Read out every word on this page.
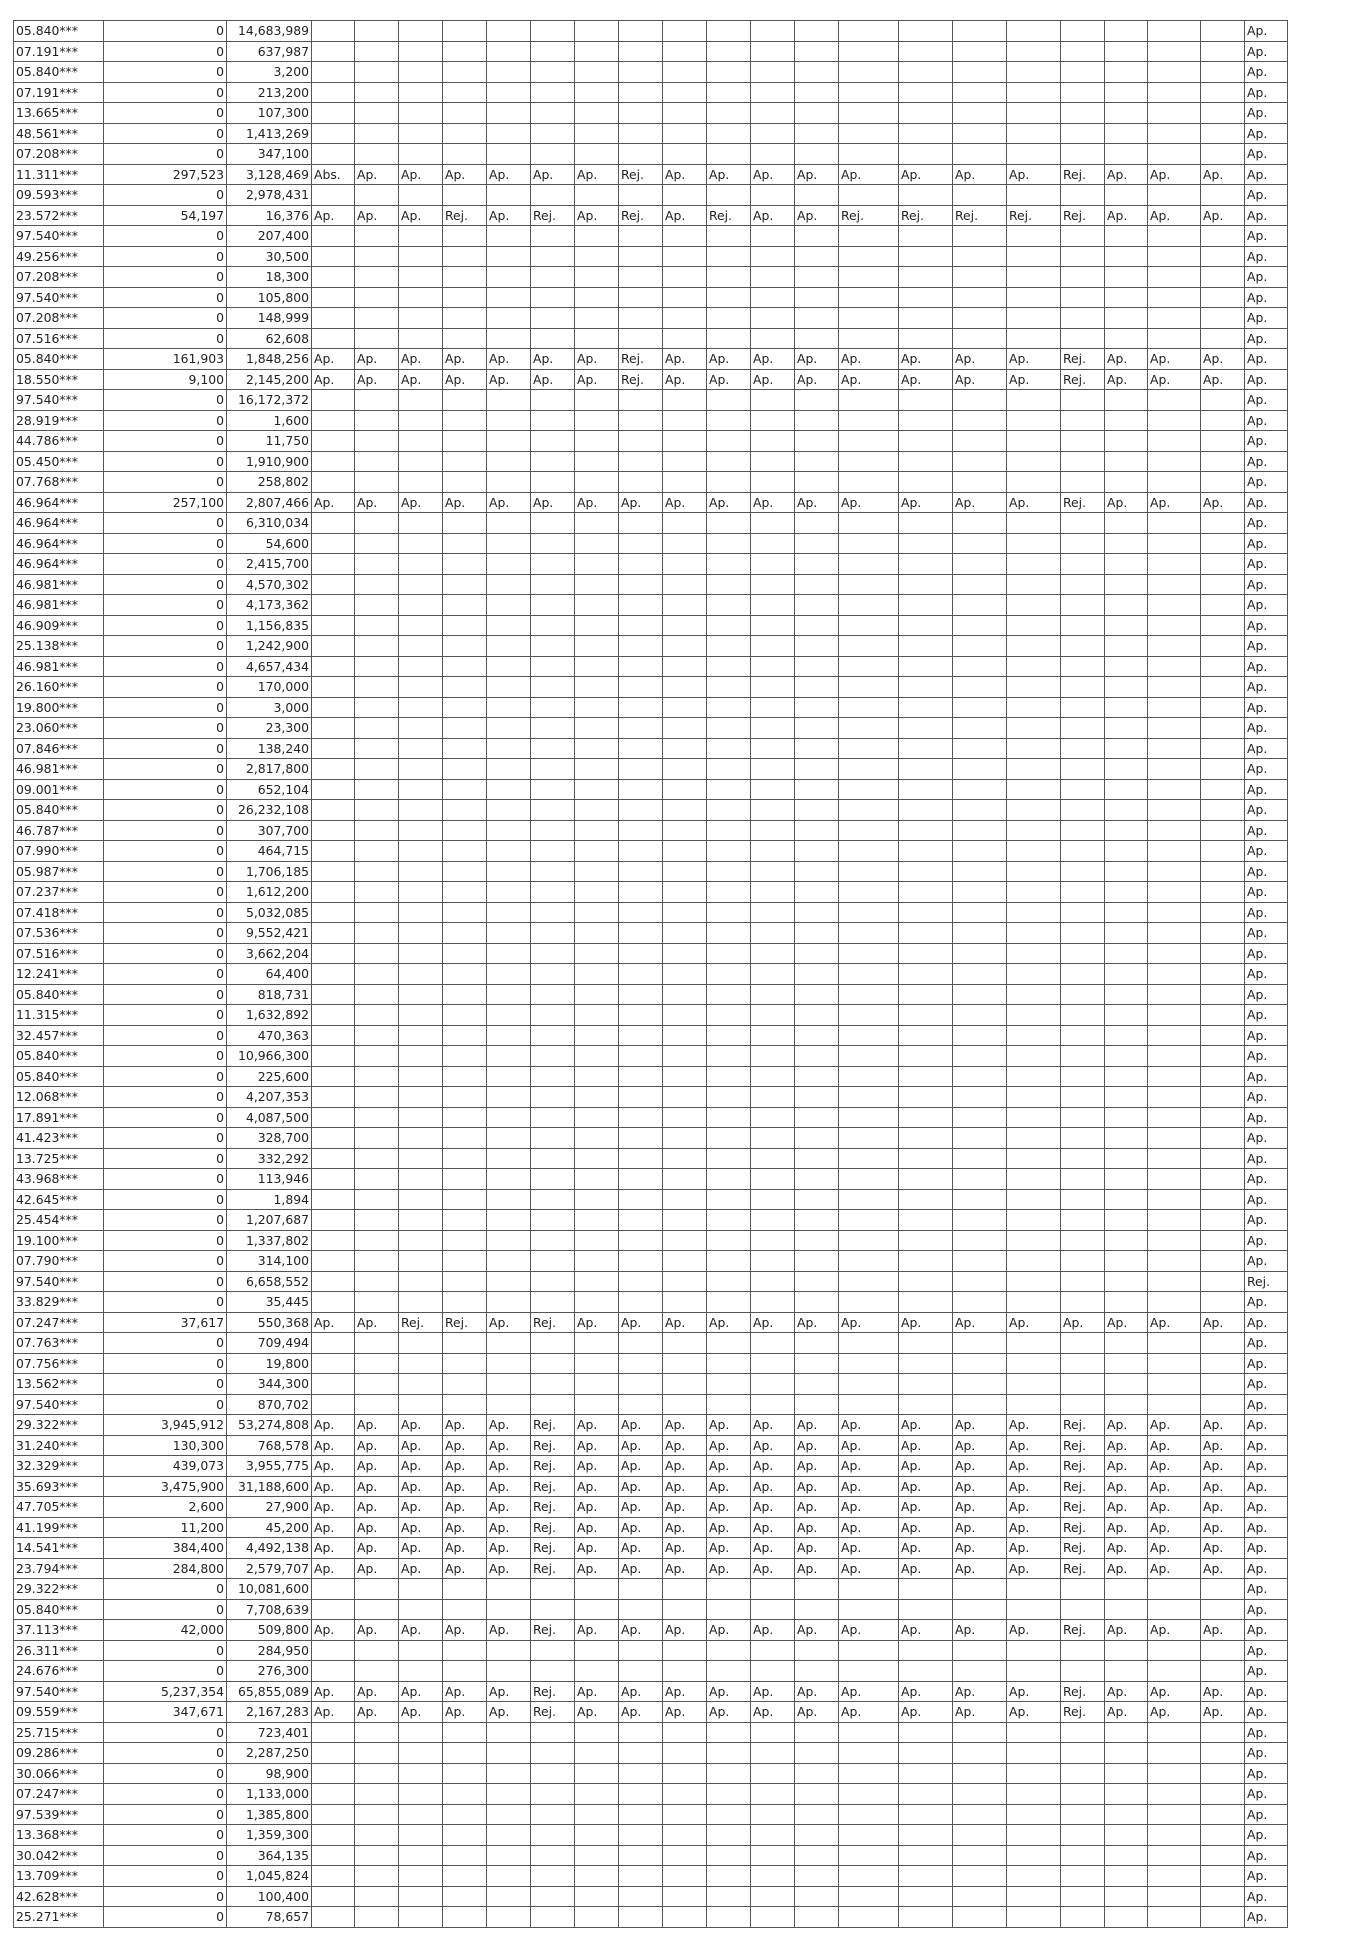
05.840***	0	14,683,989																					Ap.
07.191***	0	637,987																					Ap.
05.840***	0	3,200																					Ap.
07.191***	0	213,200																					Ap.
13.665***	0	107,300																					Ap.
48.561***	0	1,413,269																					Ap.
07.208***	0	347,100																					Ap.
11.311***	297,523	3,128,469	Abs.	Ap.	Ap.	Ap.	Ap.	Ap.	Ap.	Rej.	Ap.	Ap.	Ap.	Ap.	Ap.	Ap.	Ap.	Ap.	Rej.	Ap.	Ap.	Ap.	Ap.
09.593***	0	2,978,431																					Ap.
23.572***	54,197	16,376	Ap.	Ap.	Ap.	Rej.	Ap.	Rej.	Ap.	Rej.	Ap.	Rej.	Ap.	Ap.	Rej.	Rej.	Rej.	Rej.	Rej.	Ap.	Ap.	Ap.	Ap.
97.540***	0	207,400																					Ap.
49.256***	0	30,500																					Ap.
07.208***	0	18,300																					Ap.
97.540***	0	105,800																					Ap.
07.208***	0	148,999																					Ap.
07.516***	0	62,608																					Ap.
05.840***	161,903	1,848,256	Ap.	Ap.	Ap.	Ap.	Ap.	Ap.	Ap.	Rej.	Ap.	Ap.	Ap.	Ap.	Ap.	Ap.	Ap.	Ap.	Rej.	Ap.	Ap.	Ap.	Ap.
18.550***	9,100	2,145,200	Ap.	Ap.	Ap.	Ap.	Ap.	Ap.	Ap.	Rej.	Ap.	Ap.	Ap.	Ap.	Ap.	Ap.	Ap.	Ap.	Rej.	Ap.	Ap.	Ap.	Ap.
97.540***	0	16,172,372																					Ap.
28.919***	0	1,600																					Ap.
44.786***	0	11,750																					Ap.
05.450***	0	1,910,900																					Ap.
07.768***	0	258,802																					Ap.
46.964***	257,100	2,807,466	Ap.	Ap.	Ap.	Ap.	Ap.	Ap.	Ap.	Ap.	Ap.	Ap.	Ap.	Ap.	Ap.	Ap.	Ap.	Ap.	Rej.	Ap.	Ap.	Ap.	Ap.
46.964***	0	6,310,034																					Ap.
46.964***	0	54,600																					Ap.
46.964***	0	2,415,700																					Ap.
46.981***	0	4,570,302																					Ap.
46.981***	0	4,173,362																					Ap.
46.909***	0	1,156,835																					Ap.
25.138***	0	1,242,900																					Ap.
46.981***	0	4,657,434																					Ap.
26.160***	0	170,000																					Ap.
19.800***	0	3,000																					Ap.
23.060***	0	23,300																					Ap.
07.846***	0	138,240																					Ap.
46.981***	0	2,817,800																					Ap.
09.001***	0	652,104																					Ap.
05.840***	0	26,232,108																					Ap.
46.787***	0	307,700																					Ap.
07.990***	0	464,715																					Ap.
05.987***	0	1,706,185																					Ap.
07.237***	0	1,612,200																					Ap.
07.418***	0	5,032,085																					Ap.
07.536***	0	9,552,421																					Ap.
07.516***	0	3,662,204																					Ap.
12.241***	0	64,400																					Ap.
05.840***	0	818,731																					Ap.
11.315***	0	1,632,892																					Ap.
32.457***	0	470,363																					Ap.
05.840***	0	10,966,300																					Ap.
05.840***	0	225,600																					Ap.
12.068***	0	4,207,353																					Ap.
17.891***	0	4,087,500																					Ap.
41.423***	0	328,700																					Ap.
13.725***	0	332,292																					Ap.
43.968***	0	113,946																					Ap.
42.645***	0	1,894																					Ap.
25.454***	0	1,207,687																					Ap.
19.100***	0	1,337,802																					Ap.
07.790***	0	314,100																					Ap.
97.540***	0	6,658,552																					Rej.
33.829***	0	35,445																					Ap.
07.247***	37,617	550,368	Ap.	Ap.	Rej.	Rej.	Ap.	Rej.	Ap.	Ap.	Ap.	Ap.	Ap.	Ap.	Ap.	Ap.	Ap.	Ap.	Ap.	Ap.	Ap.	Ap.	Ap.
07.763***	0	709,494																					Ap.
07.756***	0	19,800																					Ap.
13.562***	0	344,300																					Ap.
97.540***	0	870,702																					Ap.
29.322***	3,945,912	53,274,808	Ap.	Ap.	Ap.	Ap.	Ap.	Rej.	Ap.	Ap.	Ap.	Ap.	Ap.	Ap.	Ap.	Ap.	Ap.	Ap.	Rej.	Ap.	Ap.	Ap.	Ap.
31.240***	130,300	768,578	Ap.	Ap.	Ap.	Ap.	Ap.	Rej.	Ap.	Ap.	Ap.	Ap.	Ap.	Ap.	Ap.	Ap.	Ap.	Ap.	Rej.	Ap.	Ap.	Ap.	Ap.
32.329***	439,073	3,955,775	Ap.	Ap.	Ap.	Ap.	Ap.	Rej.	Ap.	Ap.	Ap.	Ap.	Ap.	Ap.	Ap.	Ap.	Ap.	Ap.	Rej.	Ap.	Ap.	Ap.	Ap.
35.693***	3,475,900	31,188,600	Ap.	Ap.	Ap.	Ap.	Ap.	Rej.	Ap.	Ap.	Ap.	Ap.	Ap.	Ap.	Ap.	Ap.	Ap.	Ap.	Rej.	Ap.	Ap.	Ap.	Ap.
47.705***	2,600	27,900	Ap.	Ap.	Ap.	Ap.	Ap.	Rej.	Ap.	Ap.	Ap.	Ap.	Ap.	Ap.	Ap.	Ap.	Ap.	Ap.	Rej.	Ap.	Ap.	Ap.	Ap.
41.199***	11,200	45,200	Ap.	Ap.	Ap.	Ap.	Ap.	Rej.	Ap.	Ap.	Ap.	Ap.	Ap.	Ap.	Ap.	Ap.	Ap.	Ap.	Rej.	Ap.	Ap.	Ap.	Ap.
14.541***	384,400	4,492,138	Ap.	Ap.	Ap.	Ap.	Ap.	Rej.	Ap.	Ap.	Ap.	Ap.	Ap.	Ap.	Ap.	Ap.	Ap.	Ap.	Rej.	Ap.	Ap.	Ap.	Ap.
23.794***	284,800	2,579,707	Ap.	Ap.	Ap.	Ap.	Ap.	Rej.	Ap.	Ap.	Ap.	Ap.	Ap.	Ap.	Ap.	Ap.	Ap.	Ap.	Rej.	Ap.	Ap.	Ap.	Ap.
29.322***	0	10,081,600																					Ap.
05.840***	0	7,708,639																					Ap.
37.113***	42,000	509,800	Ap.	Ap.	Ap.	Ap.	Ap.	Rej.	Ap.	Ap.	Ap.	Ap.	Ap.	Ap.	Ap.	Ap.	Ap.	Ap.	Rej.	Ap.	Ap.	Ap.	Ap.
26.311***	0	284,950																					Ap.
24.676***	0	276,300																					Ap.
97.540***	5,237,354	65,855,089	Ap.	Ap.	Ap.	Ap.	Ap.	Rej.	Ap.	Ap.	Ap.	Ap.	Ap.	Ap.	Ap.	Ap.	Ap.	Ap.	Rej.	Ap.	Ap.	Ap.	Ap.
09.559***	347,671	2,167,283	Ap.	Ap.	Ap.	Ap.	Ap.	Rej.	Ap.	Ap.	Ap.	Ap.	Ap.	Ap.	Ap.	Ap.	Ap.	Ap.	Rej.	Ap.	Ap.	Ap.	Ap.
25.715***	0	723,401																					Ap.
09.286***	0	2,287,250																					Ap.
30.066***	0	98,900																					Ap.
07.247***	0	1,133,000																					Ap.
97.539***	0	1,385,800																					Ap.
13.368***	0	1,359,300																					Ap.
30.042***	0	364,135																					Ap.
13.709***	0	1,045,824																					Ap.
42.628***	0	100,400																					Ap.
25.271***	0	78,657																					Ap.
